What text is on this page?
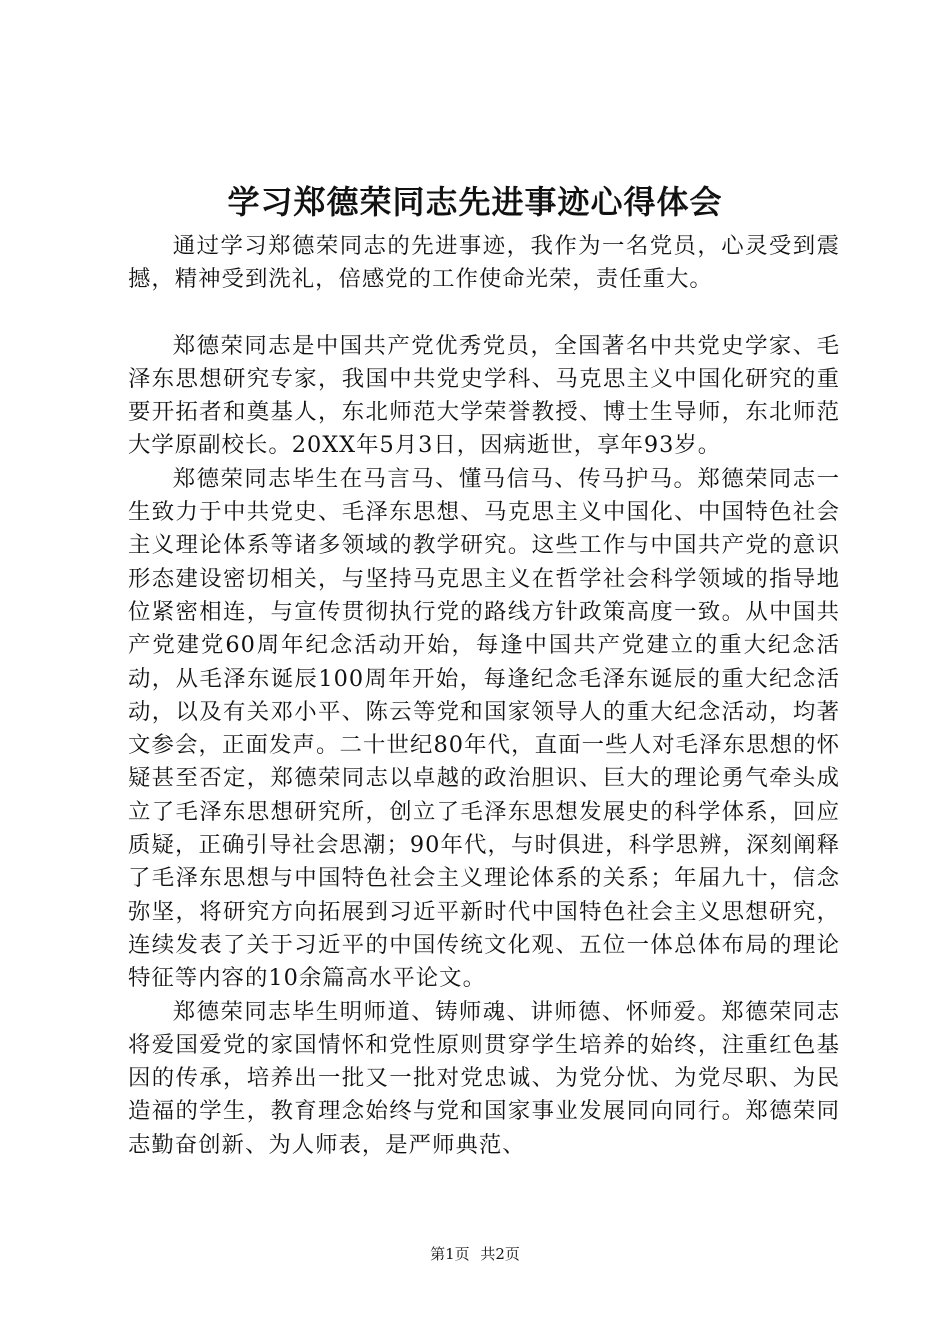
学习郑德荣同志先进事迹心得体会

通过学习郑德荣同志的先进事迹，我作为一名党员，心灵受到震撼，精神受到洗礼，倍感党的工作使命光荣，责任重大。

郑德荣同志是中国共产党优秀党员，全国著名中共党史学家、毛泽东思想研究专家，我国中共党史学科、马克思主义中国化研究的重要开拓者和奠基人，东北师范大学荣誉教授、博士生导师，东北师范大学原副校长。20XX年5月3日，因病逝世，享年93岁。

郑德荣同志毕生在马言马、懂马信马、传马护马。郑德荣同志一生致力于中共党史、毛泽东思想、马克思主义中国化、中国特色社会主义理论体系等诸多领域的教学研究。这些工作与中国共产党的意识形态建设密切相关，与坚持马克思主义在哲学社会科学领域的指导地位紧密相连，与宣传贯彻执行党的路线方针政策高度一致。从中国共产党建党60周年纪念活动开始，每逢中国共产党建立的重大纪念活动，从毛泽东诞辰100周年开始，每逢纪念毛泽东诞辰的重大纪念活动，以及有关邓小平、陈云等党和国家领导人的重大纪念活动，均著文参会，正面发声。二十世纪80年代，直面一些人对毛泽东思想的怀疑甚至否定，郑德荣同志以卓越的政治胆识、巨大的理论勇气牵头成立了毛泽东思想研究所，创立了毛泽东思想发展史的科学体系，回应质疑，正确引导社会思潮；90年代，与时俱进，科学思辨，深刻阐释了毛泽东思想与中国特色社会主义理论体系的关系；年届九十，信念弥坚，将研究方向拓展到习近平新时代中国特色社会主义思想研究，连续发表了关于习近平的中国传统文化观、五位一体总体布局的理论特征等内容的10余篇高水平论文。

郑德荣同志毕生明师道、铸师魂、讲师德、怀师爱。郑德荣同志将爱国爱党的家国情怀和党性原则贯穿学生培养的始终，注重红色基因的传承，培养出一批又一批对党忠诚、为党分忧、为党尽职、为民造福的学生，教育理念始终与党和国家事业发展同向同行。郑德荣同志勤奋创新、为人师表，是严师典范、

第1页 共2页
